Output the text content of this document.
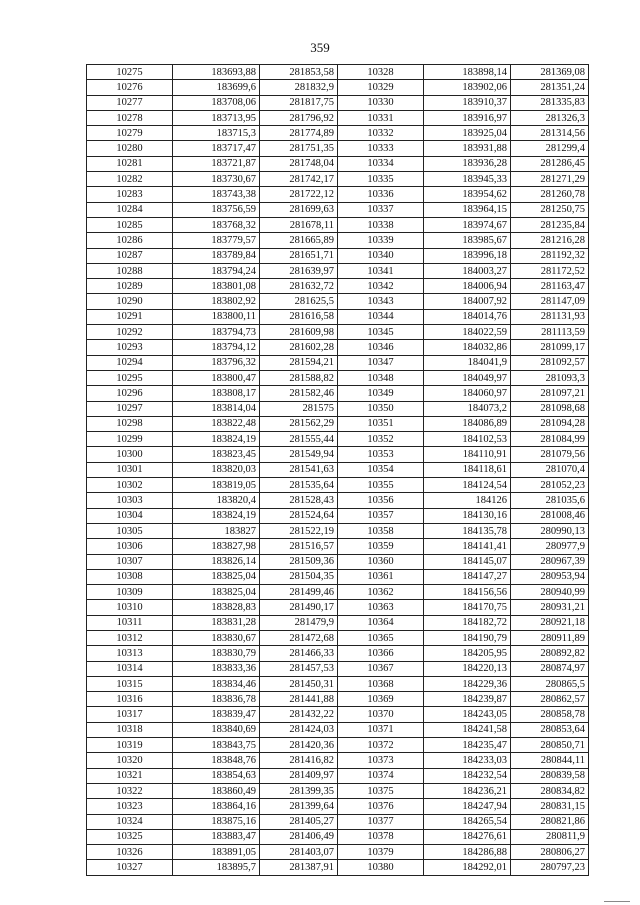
359
10275	183693,88	281853,58	10328	183898,14	281369,08
10276	183699,6	281832,9	10329	183902,06	281351,24
10277	183708,06	281817,75	10330	183910,37	281335,83
10278	183713,95	281796,92	10331	183916,97	281326,3
10279	183715,3	281774,89	10332	183925,04	281314,56
10280	183717,47	281751,35	10333	183931,88	281299,4
10281	183721,87	281748,04	10334	183936,28	281286,45
10282	183730,67	281742,17	10335	183945,33	281271,29
10283	183743,38	281722,12	10336	183954,62	281260,78
10284	183756,59	281699,63	10337	183964,15	281250,75
10285	183768,32	281678,11	10338	183974,67	281235,84
10286	183779,57	281665,89	10339	183985,67	281216,28
10287	183789,84	281651,71	10340	183996,18	281192,32
10288	183794,24	281639,97	10341	184003,27	281172,52
10289	183801,08	281632,72	10342	184006,94	281163,47
10290	183802,92	281625,5	10343	184007,92	281147,09
10291	183800,11	281616,58	10344	184014,76	281131,93
10292	183794,73	281609,98	10345	184022,59	281113,59
10293	183794,12	281602,28	10346	184032,86	281099,17
10294	183796,32	281594,21	10347	184041,9	281092,57
10295	183800,47	281588,82	10348	184049,97	281093,3
10296	183808,17	281582,46	10349	184060,97	281097,21
10297	183814,04	281575	10350	184073,2	281098,68
10298	183822,48	281562,29	10351	184086,89	281094,28
10299	183824,19	281555,44	10352	184102,53	281084,99
10300	183823,45	281549,94	10353	184110,91	281079,56
10301	183820,03	281541,63	10354	184118,61	281070,4
10302	183819,05	281535,64	10355	184124,54	281052,23
10303	183820,4	281528,43	10356	184126	281035,6
10304	183824,19	281524,64	10357	184130,16	281008,46
10305	183827	281522,19	10358	184135,78	280990,13
10306	183827,98	281516,57	10359	184141,41	280977,9
10307	183826,14	281509,36	10360	184145,07	280967,39
10308	183825,04	281504,35	10361	184147,27	280953,94
10309	183825,04	281499,46	10362	184156,56	280940,99
10310	183828,83	281490,17	10363	184170,75	280931,21
10311	183831,28	281479,9	10364	184182,72	280921,18
10312	183830,67	281472,68	10365	184190,79	280911,89
10313	183830,79	281466,33	10366	184205,95	280892,82
10314	183833,36	281457,53	10367	184220,13	280874,97
10315	183834,46	281450,31	10368	184229,36	280865,5
10316	183836,78	281441,88	10369	184239,87	280862,57
10317	183839,47	281432,22	10370	184243,05	280858,78
10318	183840,69	281424,03	10371	184241,58	280853,64
10319	183843,75	281420,36	10372	184235,47	280850,71
10320	183848,76	281416,82	10373	184233,03	280844,11
10321	183854,63	281409,97	10374	184232,54	280839,58
10322	183860,49	281399,35	10375	184236,21	280834,82
10323	183864,16	281399,64	10376	184247,94	280831,15
10324	183875,16	281405,27	10377	184265,54	280821,86
10325	183883,47	281406,49	10378	184276,61	280811,9
10326	183891,05	281403,07	10379	184286,88	280806,27
10327	183895,7	281387,91	10380	184292,01	280797,23
